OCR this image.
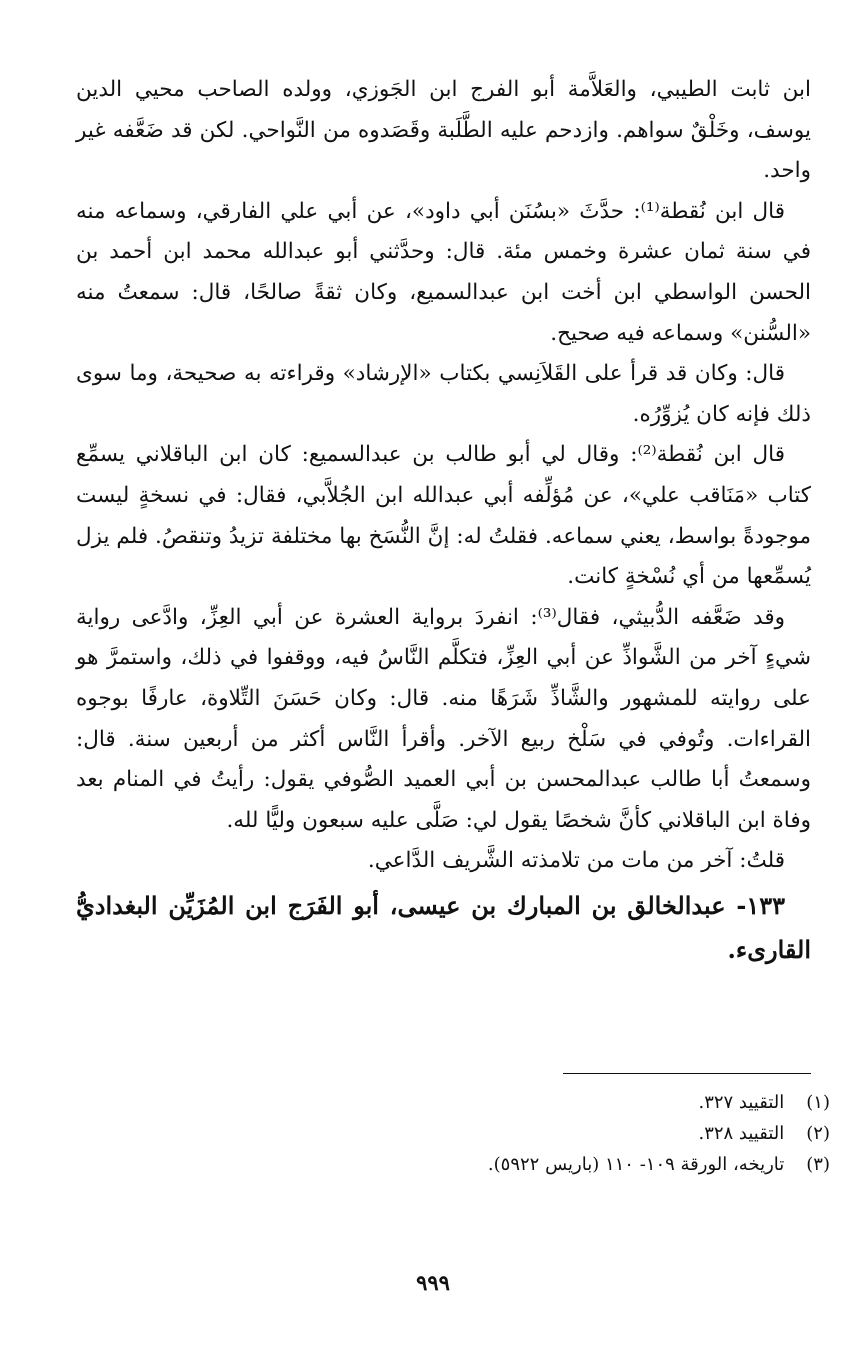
ابن ثابت الطيبي، والعَلاَّمة أبو الفرج ابن الجَوزي، وولده الصاحب محيي الدين يوسف، وخَلْقٌ سواهم. وازدحم عليه الطَّلَبة وقَصَدوه من النَّواحي. لكن قد ضَعَّفه غير واحد.

قال ابن نُقطة⁽¹⁾: حدَّثَ «بسُنَن أبي داود»، عن أبي علي الفارقي، وسماعه منه في سنة ثمان عشرة وخمس مئة. قال: وحدَّثني أبو عبدالله محمد ابن أحمد بن الحسن الواسطي ابن أخت ابن عبدالسميع، وكان ثقةً صالحًا، قال: سمعتُ منه «السُّنن» وسماعه فيه صحيح.

قال: وكان قد قرأ على القَلاَنِسي بكتاب «الإرشاد» وقراءته به صحيحة، وما سوى ذلك فإنه كان يُزوِّرُه.

قال ابن نُقطة⁽²⁾: وقال لي أبو طالب بن عبدالسميع: كان ابن الباقلاني يسمِّع كتاب «مَنَاقب علي»، عن مُؤلِّفه أبي عبدالله ابن الجُلاَّبي، فقال: في نسخةٍ ليست موجودةً بواسط، يعني سماعه. فقلتُ له: إنَّ النُّسَخ بها مختلفة تزيدُ وتنقصُ. فلم يزل يُسمِّعها من أي نُسْخةٍ كانت.

وقد ضَعَّفه الدُّبيثي، فقال⁽³⁾: انفردَ برواية العشرة عن أبي العِزِّ، وادَّعى رواية شيءٍ آخر من الشَّواذِّ عن أبي العِزِّ، فتكلَّم النَّاسُ فيه، ووقفوا في ذلك، واستمرَّ هو على روايته للمشهور والشَّاذِّ شَرَهًا منه. قال: وكان حَسَنَ التِّلاوة، عارفًا بوجوه القراءات. وتُوفي في سَلْخ ربيع الآخر. وأقرأ النَّاس أكثر من أربعين سنة. قال: وسمعتُ أبا طالب عبدالمحسن بن أبي العميد الصُّوفي يقول: رأيتُ في المنام بعد وفاة ابن الباقلاني كأنَّ شخصًا يقول لي: صَلَّى عليه سبعون وليًّا لله.

قلتُ: آخر من مات من تلامذته الشَّريف الدَّاعي.

١٣٣- عبدالخالق بن المبارك بن عيسى، أبو الفَرَج ابن المُزَيِّن البغداديُّ القارىء.

(١) التقييد ٣٢٧.
(٢) التقييد ٣٢٨.
(٣) تاريخه، الورقة ١٠٩- ١١٠ (باريس ٥٩٢٢).
٩٩٩
